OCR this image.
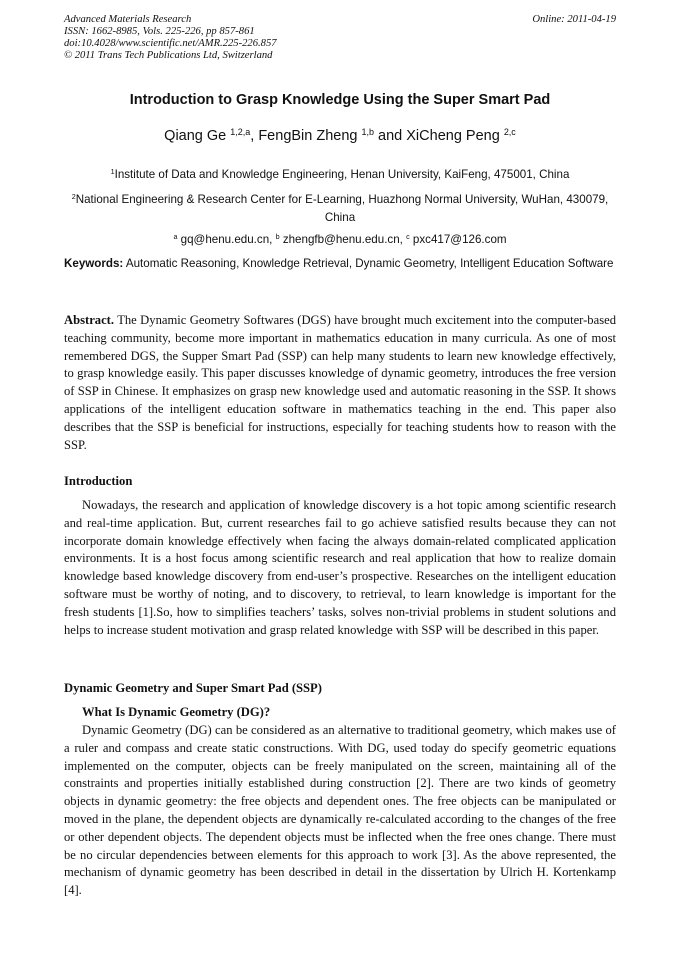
Advanced Materials Research
ISSN: 1662-8985, Vols. 225-226, pp 857-861
doi:10.4028/www.scientific.net/AMR.225-226.857
© 2011 Trans Tech Publications Ltd, Switzerland
Online: 2011-04-19
Introduction to Grasp Knowledge Using the Super Smart Pad
Qiang Ge $^{1,2,a}$, FengBin Zheng $^{1,b}$ and XiCheng Peng $^{2,c}$
$^1$Institute of Data and Knowledge Engineering, Henan University, KaiFeng, 475001, China
$^2$National Engineering & Research Center for E-Learning, Huazhong Normal University, WuHan, 430079, China
$^a$ gq@henu.edu.cn, $^b$ zhengfb@henu.edu.cn, $^c$ pxc417@126.com
Keywords: Automatic Reasoning, Knowledge Retrieval, Dynamic Geometry, Intelligent Education Software
Abstract. The Dynamic Geometry Softwares (DGS) have brought much excitement into the computer-based teaching community, become more important in mathematics education in many curricula. As one of most remembered DGS, the Supper Smart Pad (SSP) can help many students to learn new knowledge effectively, to grasp knowledge easily. This paper discusses knowledge of dynamic geometry, introduces the free version of SSP in Chinese. It emphasizes on grasp new knowledge used and automatic reasoning in the SSP. It shows applications of the intelligent education software in mathematics teaching in the end. This paper also describes that the SSP is beneficial for instructions, especially for teaching students how to reason with the SSP.
Introduction
Nowadays, the research and application of knowledge discovery is a hot topic among scientific research and real-time application. But, current researches fail to go achieve satisfied results because they can not incorporate domain knowledge effectively when facing the always domain-related complicated application environments. It is a host focus among scientific research and real application that how to realize domain knowledge based knowledge discovery from end-user’s prospective. Researches on the intelligent education software must be worthy of noting, and to discovery, to retrieval, to learn knowledge is important for the fresh students [1].So, how to simplifies teachers’ tasks, solves non-trivial problems in student solutions and helps to increase student motivation and grasp related knowledge with SSP will be described in this paper.
Dynamic Geometry and Super Smart Pad (SSP)
What Is Dynamic Geometry (DG)?
Dynamic Geometry (DG) can be considered as an alternative to traditional geometry, which makes use of a ruler and compass and create static constructions. With DG, used today do specify geometric equations implemented on the computer, objects can be freely manipulated on the screen, maintaining all of the constraints and properties initially established during construction [2]. There are two kinds of geometry objects in dynamic geometry: the free objects and dependent ones. The free objects can be manipulated or moved in the plane, the dependent objects are dynamically re-calculated according to the changes of the free or other dependent objects. The dependent objects must be inflected when the free ones change. There must be no circular dependencies between elements for this approach to work [3]. As the above represented, the mechanism of dynamic geometry has been described in detail in the dissertation by Ulrich H. Kortenkamp [4].
